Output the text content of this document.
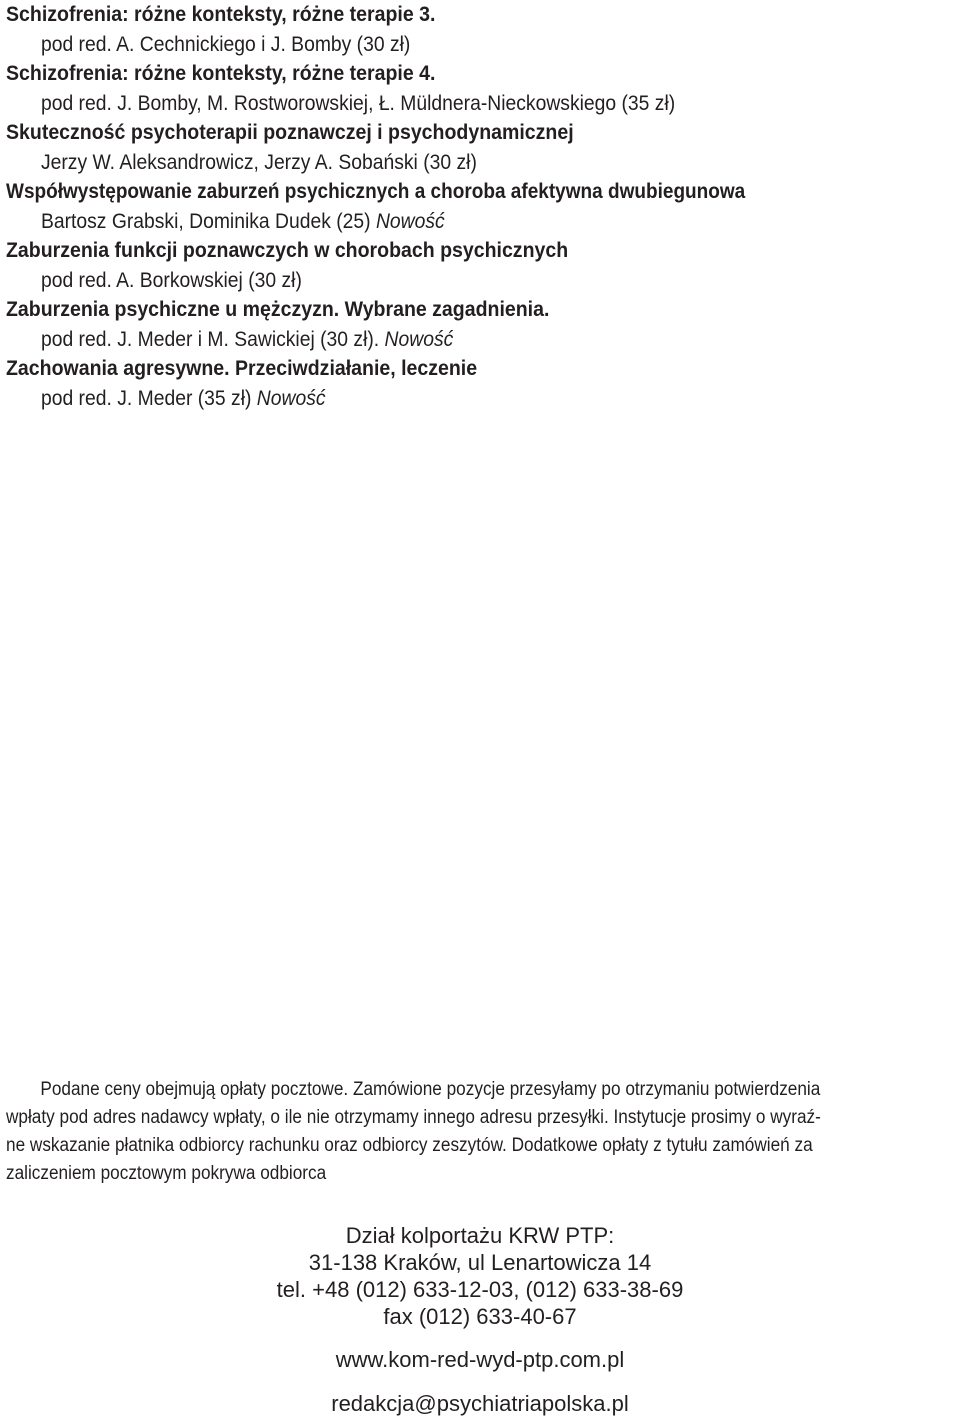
Schizofrenia: różne konteksty, różne terapie 3.
pod red. A. Cechnickiego i J. Bomby (30 zł)
Schizofrenia: różne konteksty, różne terapie 4.
pod red. J. Bomby, M. Rostworowskiej, Ł. Müldnera-Nieckowskiego (35 zł)
Skuteczność psychoterapii poznawczej i psychodynamicznej
Jerzy W. Aleksandrowicz, Jerzy A. Sobański (30 zł)
Współwystępowanie zaburzeń psychicznych a choroba afektywna dwubiegunowa
Bartosz Grabski, Dominika Dudek (25) Nowość
Zaburzenia funkcji poznawczych w chorobach psychicznych
pod red. A. Borkowskiej (30 zł)
Zaburzenia psychiczne u mężczyzn. Wybrane zagadnienia.
pod red. J. Meder i M. Sawickiej (30 zł). Nowość
Zachowania agresywne. Przeciwdziałanie, leczenie
pod red. J. Meder (35 zł) Nowość
Podane ceny obejmują opłaty pocztowe. Zamówione pozycje przesyłamy po otrzymaniu potwierdzenia
wpłaty pod adres nadawcy wpłaty, o ile nie otrzymamy innego adresu przesyłki. Instytucje prosimy o wyraź-
ne wskazanie płatnika odbiorcy rachunku oraz odbiorcy zeszytów. Dodatkowe opłaty z tytułu zamówień za
zaliczeniem pocztowym pokrywa odbiorca
Dział kolportażu KRW PTP:
31-138 Kraków, ul Lenartowicza 14
tel. +48 (012) 633-12-03, (012) 633-38-69
fax (012) 633-40-67
www.kom-red-wyd-ptp.com.pl
redakcja@psychiatriapolska.pl
